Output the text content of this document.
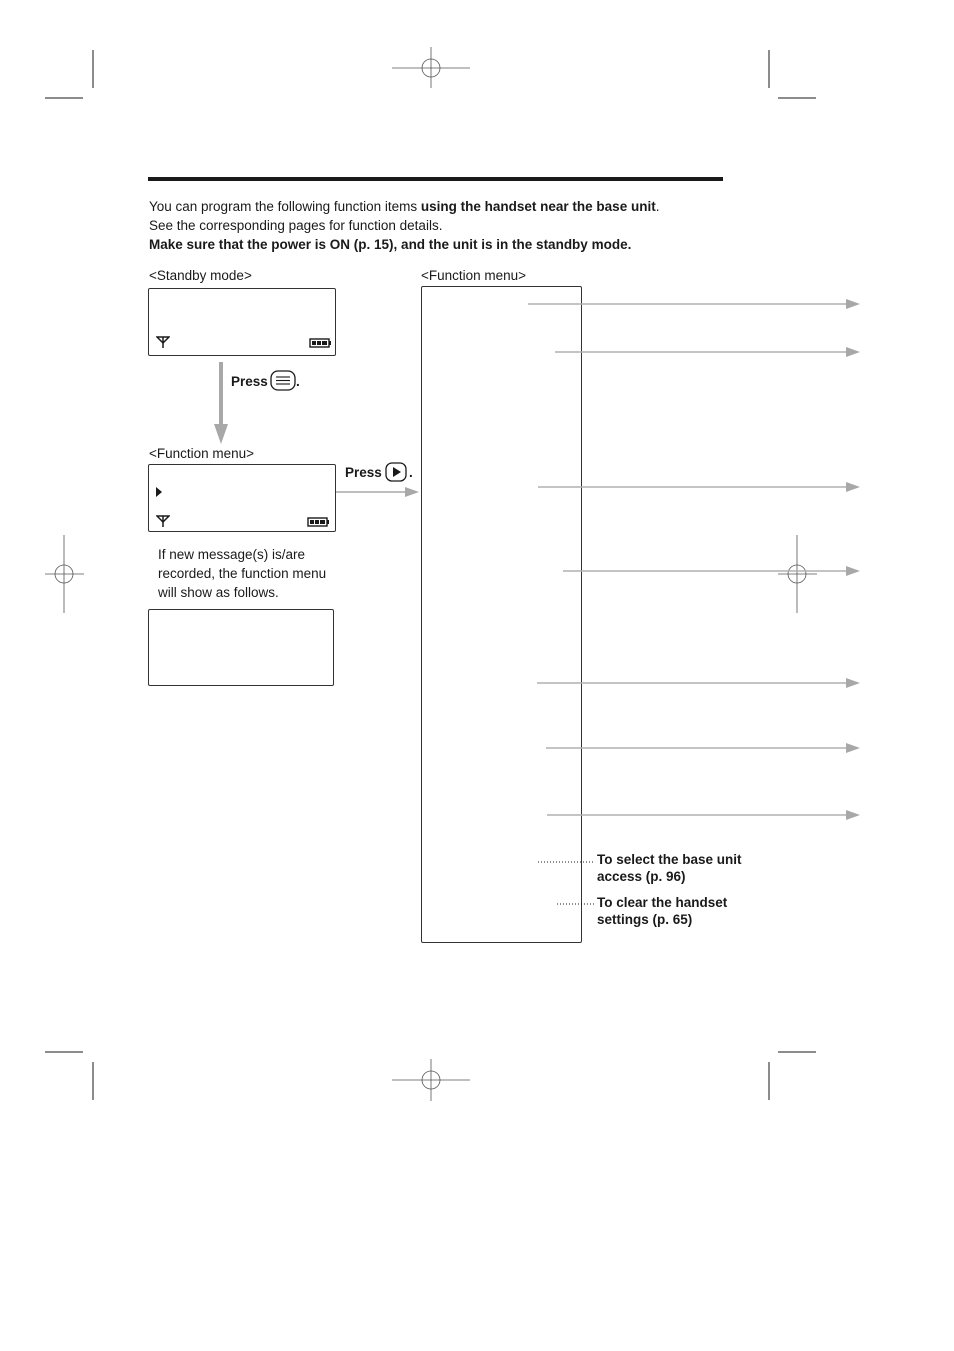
You can program the following function items using the handset near the base unit.
See the corresponding pages for function details.
Make sure that the power is ON (p. 15), and the unit is in the standby mode.
<Standby mode>
Press .
<Function menu>
If new message(s) is/are
recorded, the function menu
will show as follows.
Press .
<Function menu>
To select the base unit
access (p. 96)
To clear the handset
settings (p. 65)
